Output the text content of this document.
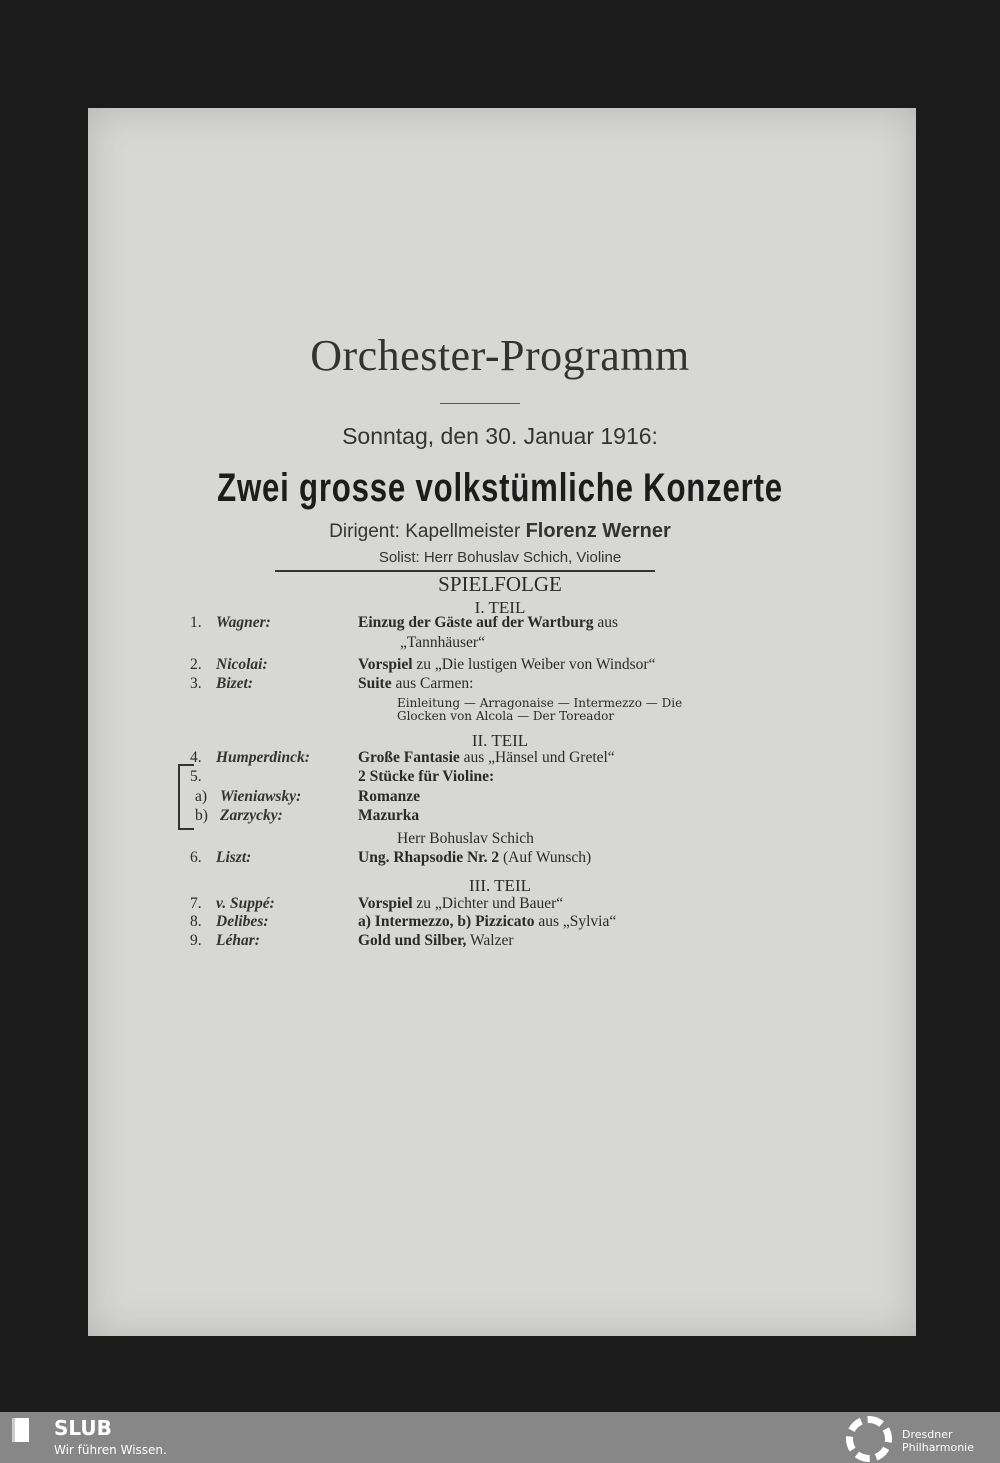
Orchester-Programm
Sonntag, den 30. Januar 1916:
Zwei grosse volkstümliche Konzerte
Dirigent: Kapellmeister Florenz Werner
Solist: Herr Bohuslav Schich, Violine
SPIELFOLGE
I. TEIL
1. Wagner:	Einzug der Gäste auf der Wartburg aus
„Tannhäuser“
2. Nicolai:	Vorspiel zu „Die lustigen Weiber von Windsor“
3. Bizet:	Suite aus Carmen:
Einleitung — Arragonaise — Intermezzo — Die
Glocken von Alcola — Der Toreador
II. TEIL
4. Humperdinck:	Große Fantasie aus „Hänsel und Gretel“
5.	2 Stücke für Violine:
a) Wieniawsky:	Romanze
b) Zarzycky:	Mazurka
Herr Bohuslav Schich
6. Liszt:	Ung. Rhapsodie Nr. 2 (Auf Wunsch)
III. TEIL
7. v. Suppé:	Vorspiel zu „Dichter und Bauer“
8. Delibes:	a) Intermezzo, b) Pizzicato aus „Sylvia“
9. Léhar:	Gold und Silber, Walzer
SLUB
Wir führen Wissen.
Dresdner
Philharmonie
